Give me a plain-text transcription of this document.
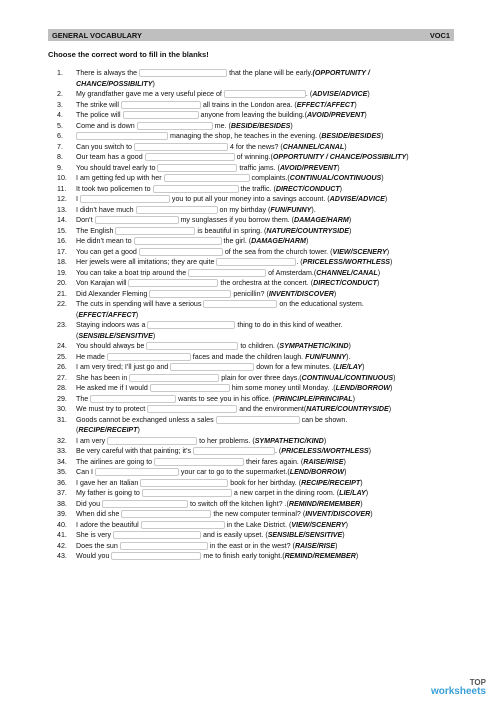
GENERAL VOCABULARY	VOC1
Choose the correct word to fill in the blanks!
1.	There is always the	that the plane will be early.(OPPORTUNITY /
CHANCE/POSSIBILITY)
2.	My grandfather gave me a very useful piece of	. (ADVISE/ADVICE)
3.	The strike will	all trains in the London area. (EFFECT/AFFECT)
4.	The police will	anyone from leaving the building.(AVOID/PREVENT)
5.	Come and is down	me. (BESIDE/BESIDES)
6.	managing the shop, he teaches in the evening. (BESIDE/BESIDES)
7.	Can you switch to	4 for the news? (CHANNEL/CANAL)
8.	Our team has a good	of winning.(OPPORTUNITY / CHANCE/POSSIBILITY)
9.	You should travel early to	traffic jams. (AVOID/PREVENT)
10.	I am getting fed up with her	complaints.(CONTINUAL/CONTINUOUS)
11.	It took two policemen to	the traffic. (DIRECT/CONDUCT)
12.	I	you to put all your money into a savings account. (ADVISE/ADVICE)
13.	I didn’t have much	on my birthday (FUN/FUNNY).
14.	Don’t	my sunglasses if you borrow them. (DAMAGE/HARM)
15.	The English	is beautiful in spring. (NATURE/COUNTRYSIDE)
16.	He didn’t mean to	the girl. (DAMAGE/HARM)
17.	You can get a good	of the sea from the church tower. (VIEW/SCENERY)
18.	Her jewels were all imitations; they are quite	. (PRICELESS/WORTHLESS)
19.	You can take a boat trip around the	of Amsterdam.(CHANNEL/CANAL)
20.	Von Karajan will	the orchestra at the concert. (DIRECT/CONDUCT)
21.	Did Alexander Fleming	penicillin? (INVENT/DISCOVER)
22.	The cuts in spending will have a serious	on the educational system.
(EFFECT/AFFECT)
23.	Staying indoors was a	thing to do in this kind of weather.
(SENSIBLE/SENSITIVE)
24.	You should always be	to children. (SYMPATHETIC/KIND)
25.	He made	faces and made the children laugh. FUN/FUNNY).
26.	I am very tired; I’ll just go and	down for a few minutes. (LIE/LAY)
27.	She has been in	plain for over three days.(CONTINUAL/CONTINUOUS)
28.	He asked me if I would	him some money until Monday. .(LEND/BORROW)
29.	The	wants to see you in his office. (PRINCIPLE/PRINCIPAL)
30.	We must try to protect	and the environment(NATURE/COUNTRYSIDE)
31.	Goods cannot be exchanged unless a sales	can be shown.
(RECIPE/RECEIPT)
32.	I am very	to her problems. (SYMPATHETIC/KIND)
33.	Be very careful with that painting; it’s	. (PRICELESS/WORTHLESS)
34.	The airlines are going to	their fares again. (RAISE/RISE)
35.	Can I	your car to go to the supermarket.(LEND/BORROW)
36.	I gave her an Italian	book for her birthday. (RECIPE/RECEIPT)
37.	My father is going to	a new carpet in the dining room. (LIE/LAY)
38.	Did you	to switch off the kitchen light? .(REMIND/REMEMBER)
39.	When did she	the new computer terminal? (INVENT/DISCOVER)
40.	I adore the beautiful	in the Lake District. (VIEW/SCENERY)
41.	She is very	and is easily upset. (SENSIBLE/SENSITIVE)
42.	Does the sun	in the east or in the west? (RAISE/RISE)
43.	Would you	me to finish early tonight.(REMIND/REMEMBER)
TOP
worksheets
